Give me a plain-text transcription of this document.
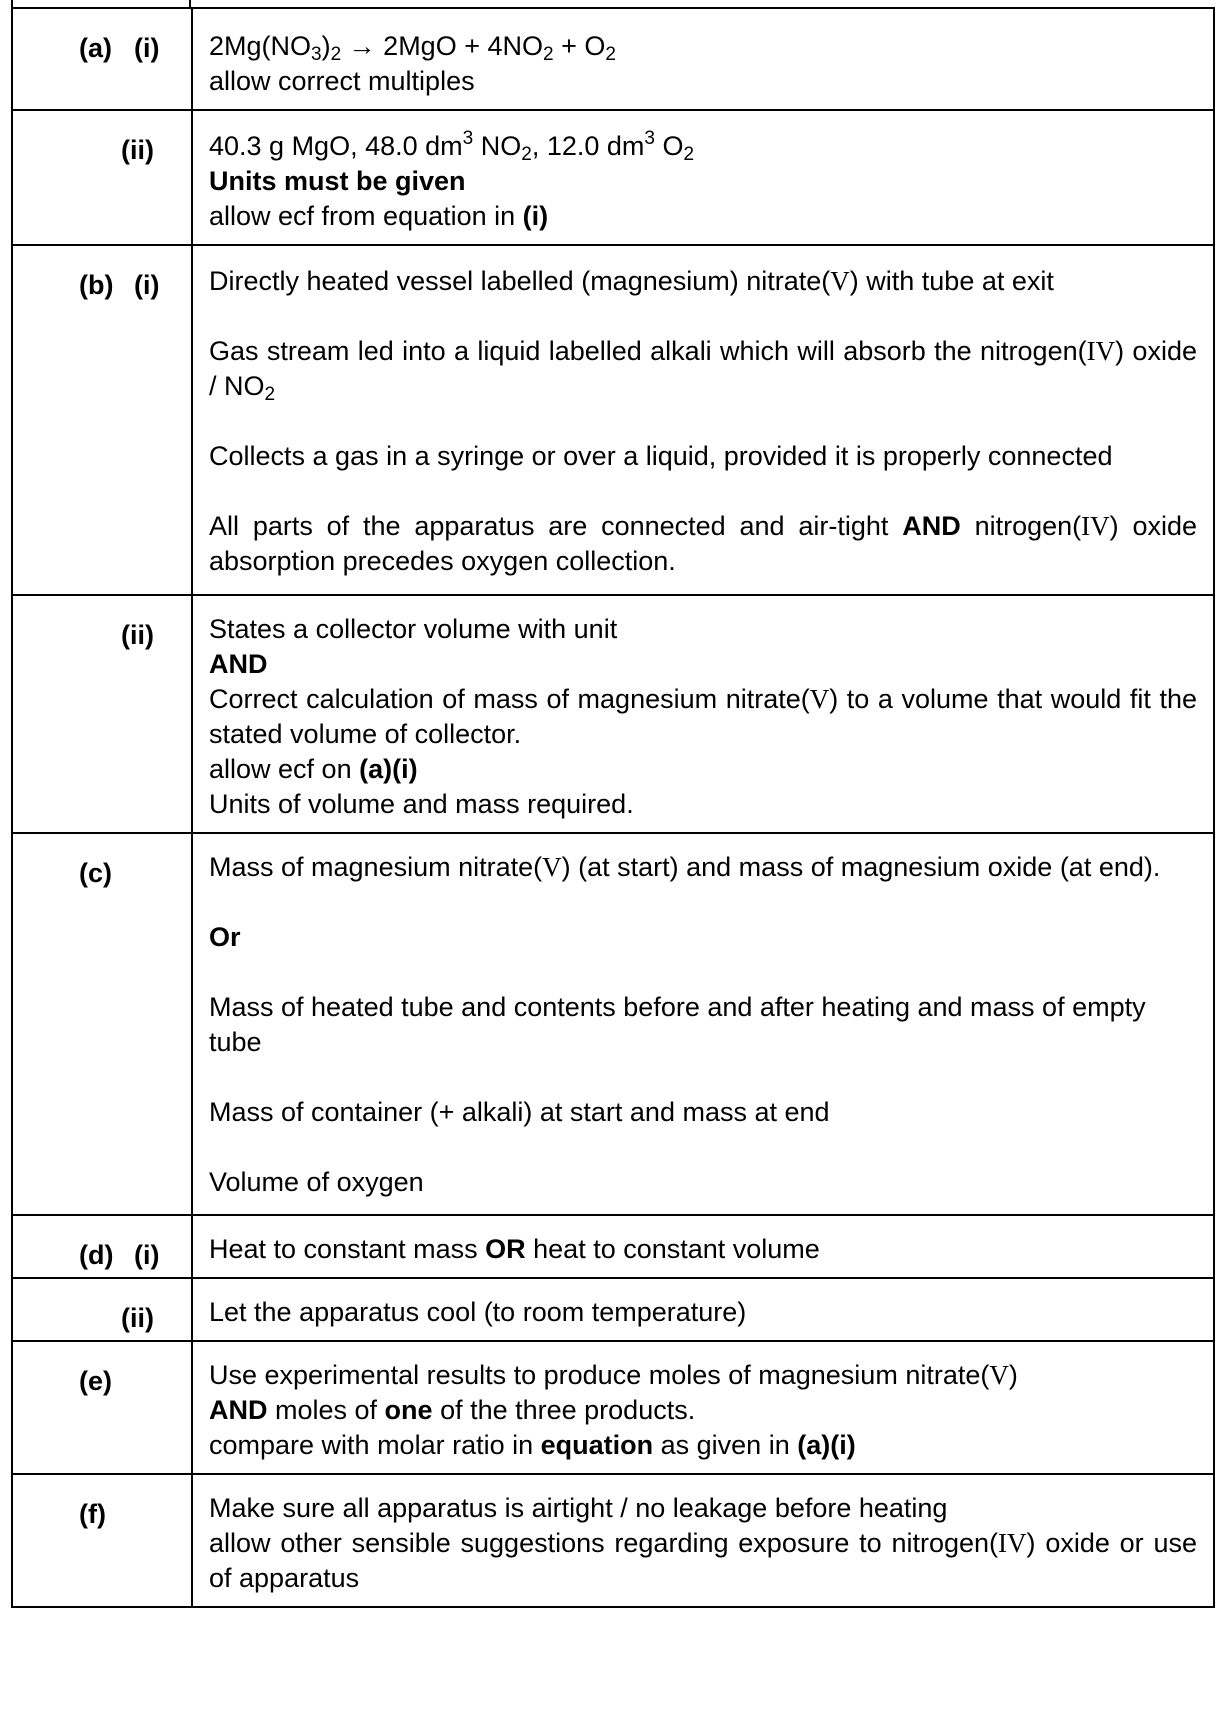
(a) (i)	$2Mg(NO_3)_2 \to 2MgO + 4NO_2 + O_2$
allow correct multiples

(ii)	40.3 g MgO, 48.0 $dm^3$ $NO_2$, 12.0 $dm^3$ $O_2$
Units must be given
allow ecf from equation in (i)

(b) (i)	Directly heated vessel labelled (magnesium) nitrate(V) with tube at exit
Gas stream led into a liquid labelled alkali which will absorb the nitrogen(IV) oxide / $NO_2$
Collects a gas in a syringe or over a liquid, provided it is properly connected
All parts of the apparatus are connected and air-tight AND nitrogen(IV) oxide absorption precedes oxygen collection.

(ii)	States a collector volume with unit
AND
Correct calculation of mass of magnesium nitrate(V) to a volume that would fit the stated volume of collector.
allow ecf on (a)(i)
Units of volume and mass required.

(c)	Mass of magnesium nitrate(V) (at start) and mass of magnesium oxide (at end).
Or
Mass of heated tube and contents before and after heating and mass of empty tube
Mass of container (+ alkali) at start and mass at end
Volume of oxygen

(d) (i)	Heat to constant mass OR heat to constant volume

(ii)	Let the apparatus cool (to room temperature)

(e)	Use experimental results to produce moles of magnesium nitrate(V)
AND moles of one of the three products.
compare with molar ratio in equation as given in (a)(i)

(f)	Make sure all apparatus is airtight / no leakage before heating
allow other sensible suggestions regarding exposure to nitrogen(IV) oxide or use of apparatus
